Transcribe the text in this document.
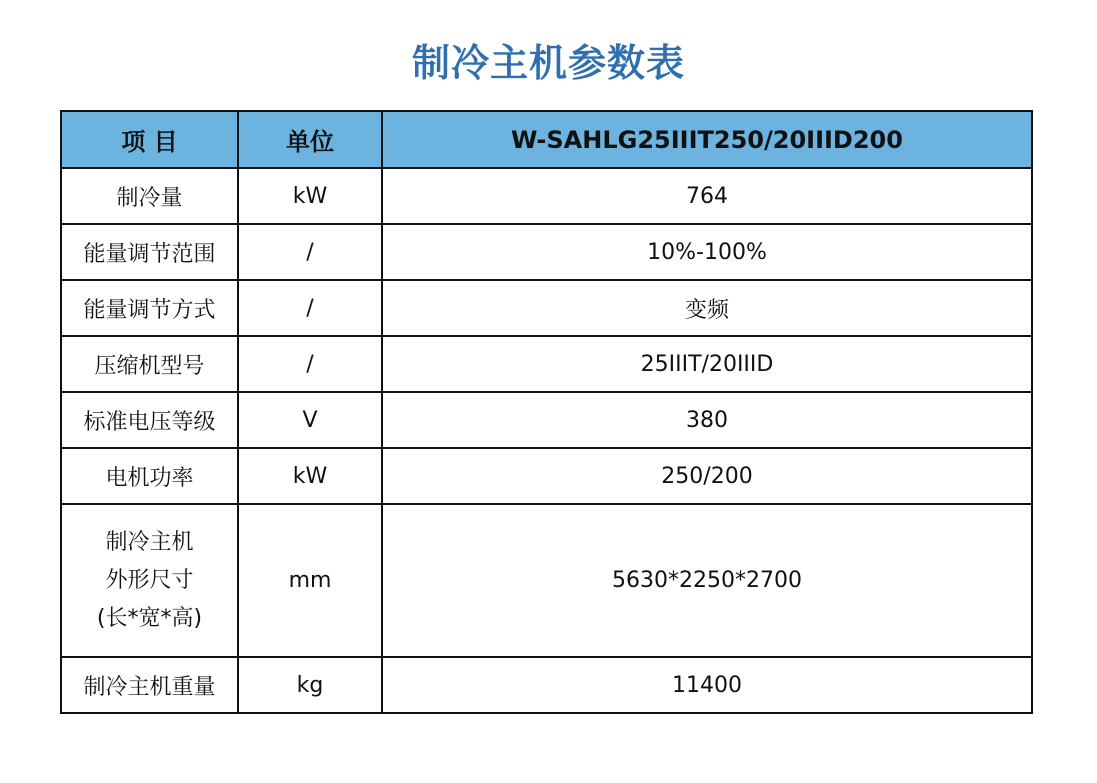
制冷主机参数表
项 目	单位	W-SAHLG25IIIT250/20IIID200
制冷量	kW	764
能量调节范围	/	10%-100%
能量调节方式	/	变频
压缩机型号	/	25IIIT/20IIID
标准电压等级	V	380
电机功率	kW	250/200

制冷主机
外形尺寸
(长*宽*高)	mm	5630*2250*2700
制冷主机重量	kg	11400
